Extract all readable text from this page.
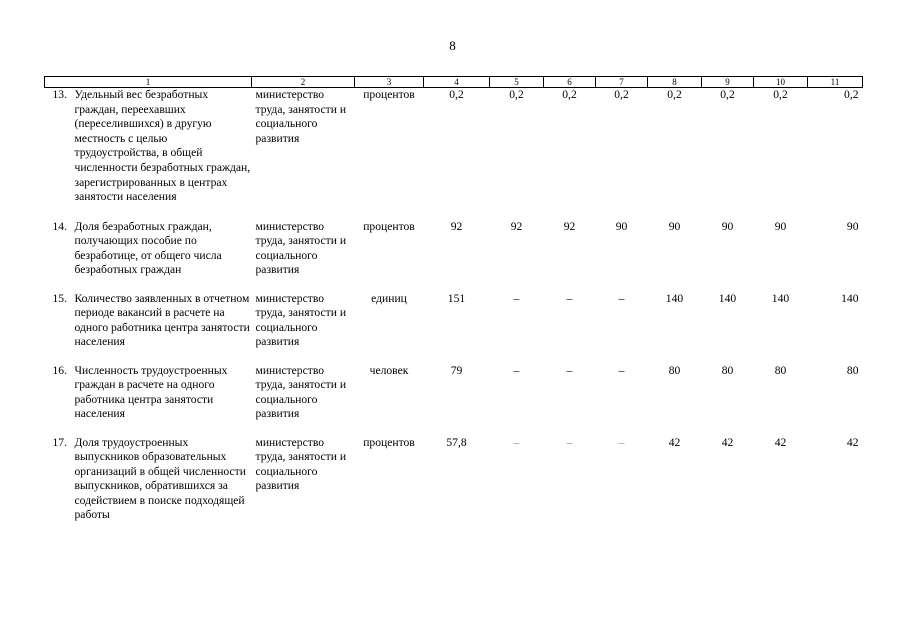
8
1	2	3	4	5	6	7	8	9	10	11

13. Удельный вес безработных граждан, переехавших (переселившихся) в другую местность с целью трудоустройства, в общей численности безработных граждан, зарегистрированных в центрах занятости населения	министерство труда, занятости и социального развития	процентов	0,2	0,2	0,2	0,2	0,2	0,2	0,2	0,2

14. Доля безработных граждан, получающих пособие по безработице, от общего числа безработных граждан	министерство труда, занятости и социального развития	процентов	92	92	92	90	90	90	90	90

15. Количество заявленных в отчетном периоде вакансий в расчете на одного работника центра занятости населения	министерство труда, занятости и социального развития	единиц	151	–	–	–	140	140	140	140

16. Численность трудоустроенных граждан в расчете на одного работника центра занятости населения	министерство труда, занятости и социального развития	человек	79	–	–	–	80	80	80	80

17. Доля трудоустроенных выпускников образовательных организаций в общей численности выпускников, обратившихся за содействием в поиске подходящей работы	министерство труда, занятости и социального развития	процентов	57,8	–	–	–	42	42	42	42
